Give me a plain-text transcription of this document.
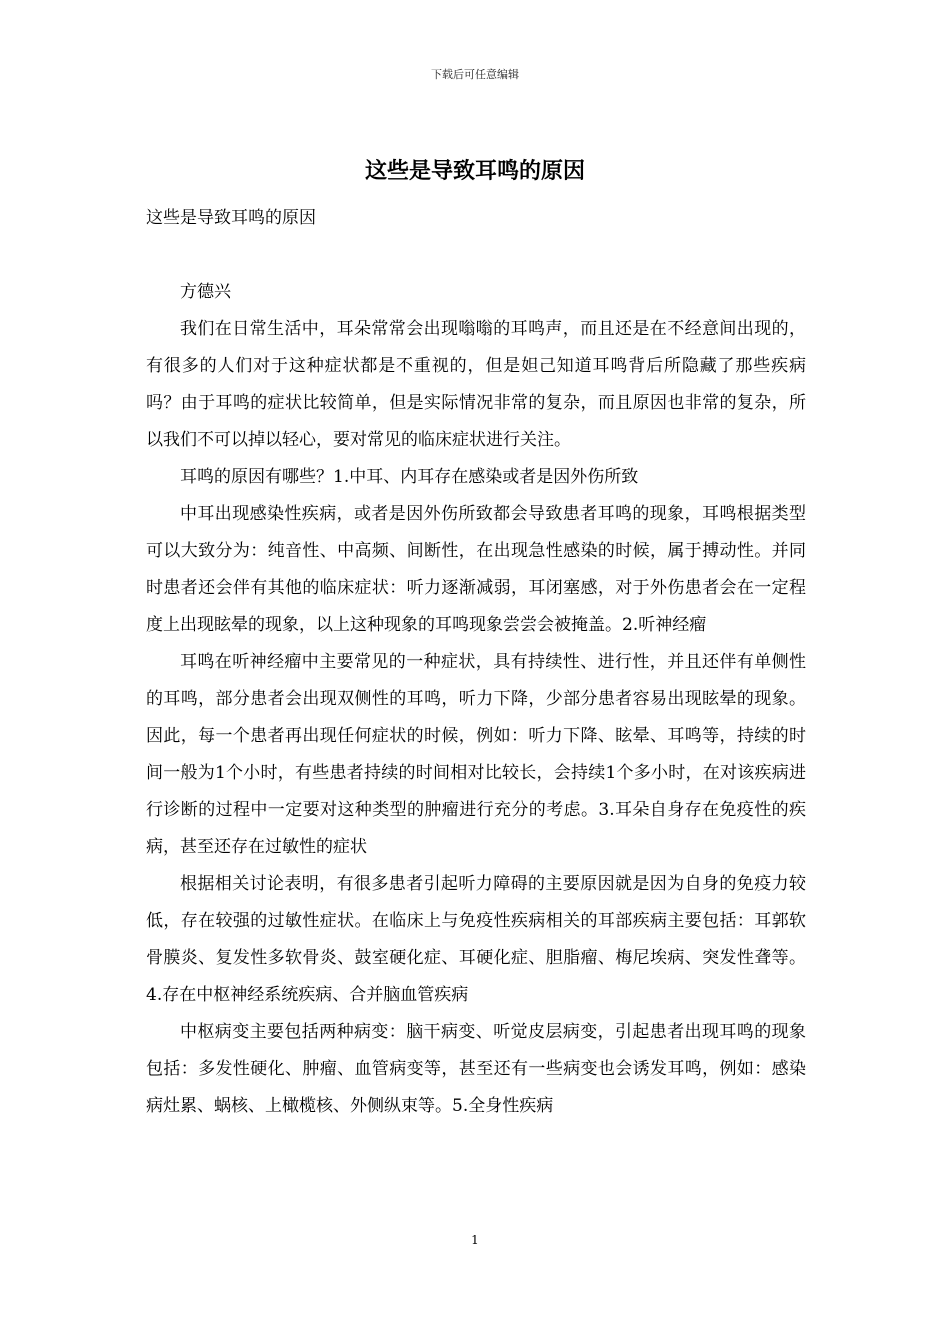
下载后可任意编辑
这些是导致耳鸣的原因

这些是导致耳鸣的原因

方德兴

我们在日常生活中，耳朵常常会出现嗡嗡的耳鸣声，而且还是在不经意间出现的，有很多的人们对于这种症状都是不重视的，但是妲己知道耳鸣背后所隐藏了那些疾病吗？由于耳鸣的症状比较简单，但是实际情况非常的复杂，而且原因也非常的复杂，所以我们不可以掉以轻心，要对常见的临床症状进行关注。

耳鸣的原因有哪些？1.中耳、内耳存在感染或者是因外伤所致

中耳出现感染性疾病，或者是因外伤所致都会导致患者耳鸣的现象，耳鸣根据类型可以大致分为：纯音性、中高频、间断性，在出现急性感染的时候，属于搏动性。并同时患者还会伴有其他的临床症状：听力逐渐减弱，耳闭塞感，对于外伤患者会在一定程度上出现眩晕的现象，以上这种现象的耳鸣现象尝尝会被掩盖。2.听神经瘤

耳鸣在听神经瘤中主要常见的一种症状，具有持续性、进行性，并且还伴有单侧性的耳鸣，部分患者会出现双侧性的耳鸣，听力下降，少部分患者容易出现眩晕的现象。因此，每一个患者再出现任何症状的时候，例如：听力下降、眩晕、耳鸣等，持续的时间一般为1个小时，有些患者持续的时间相对比较长，会持续1个多小时，在对该疾病进行诊断的过程中一定要对这种类型的肿瘤进行充分的考虑。3.耳朵自身存在免疫性的疾病，甚至还存在过敏性的症状

根据相关讨论表明，有很多患者引起听力障碍的主要原因就是因为自身的免疫力较低，存在较强的过敏性症状。在临床上与免疫性疾病相关的耳部疾病主要包括：耳郭软骨膜炎、复发性多软骨炎、鼓室硬化症、耳硬化症、胆脂瘤、梅尼埃病、突发性聋等。4.存在中枢神经系统疾病、合并脑血管疾病

中枢病变主要包括两种病变：脑干病变、听觉皮层病变，引起患者出现耳鸣的现象包括：多发性硬化、肿瘤、血管病变等，甚至还有一些病变也会诱发耳鸣，例如：感染病灶累、蜗核、上橄榄核、外侧纵束等。5.全身性疾病

1
